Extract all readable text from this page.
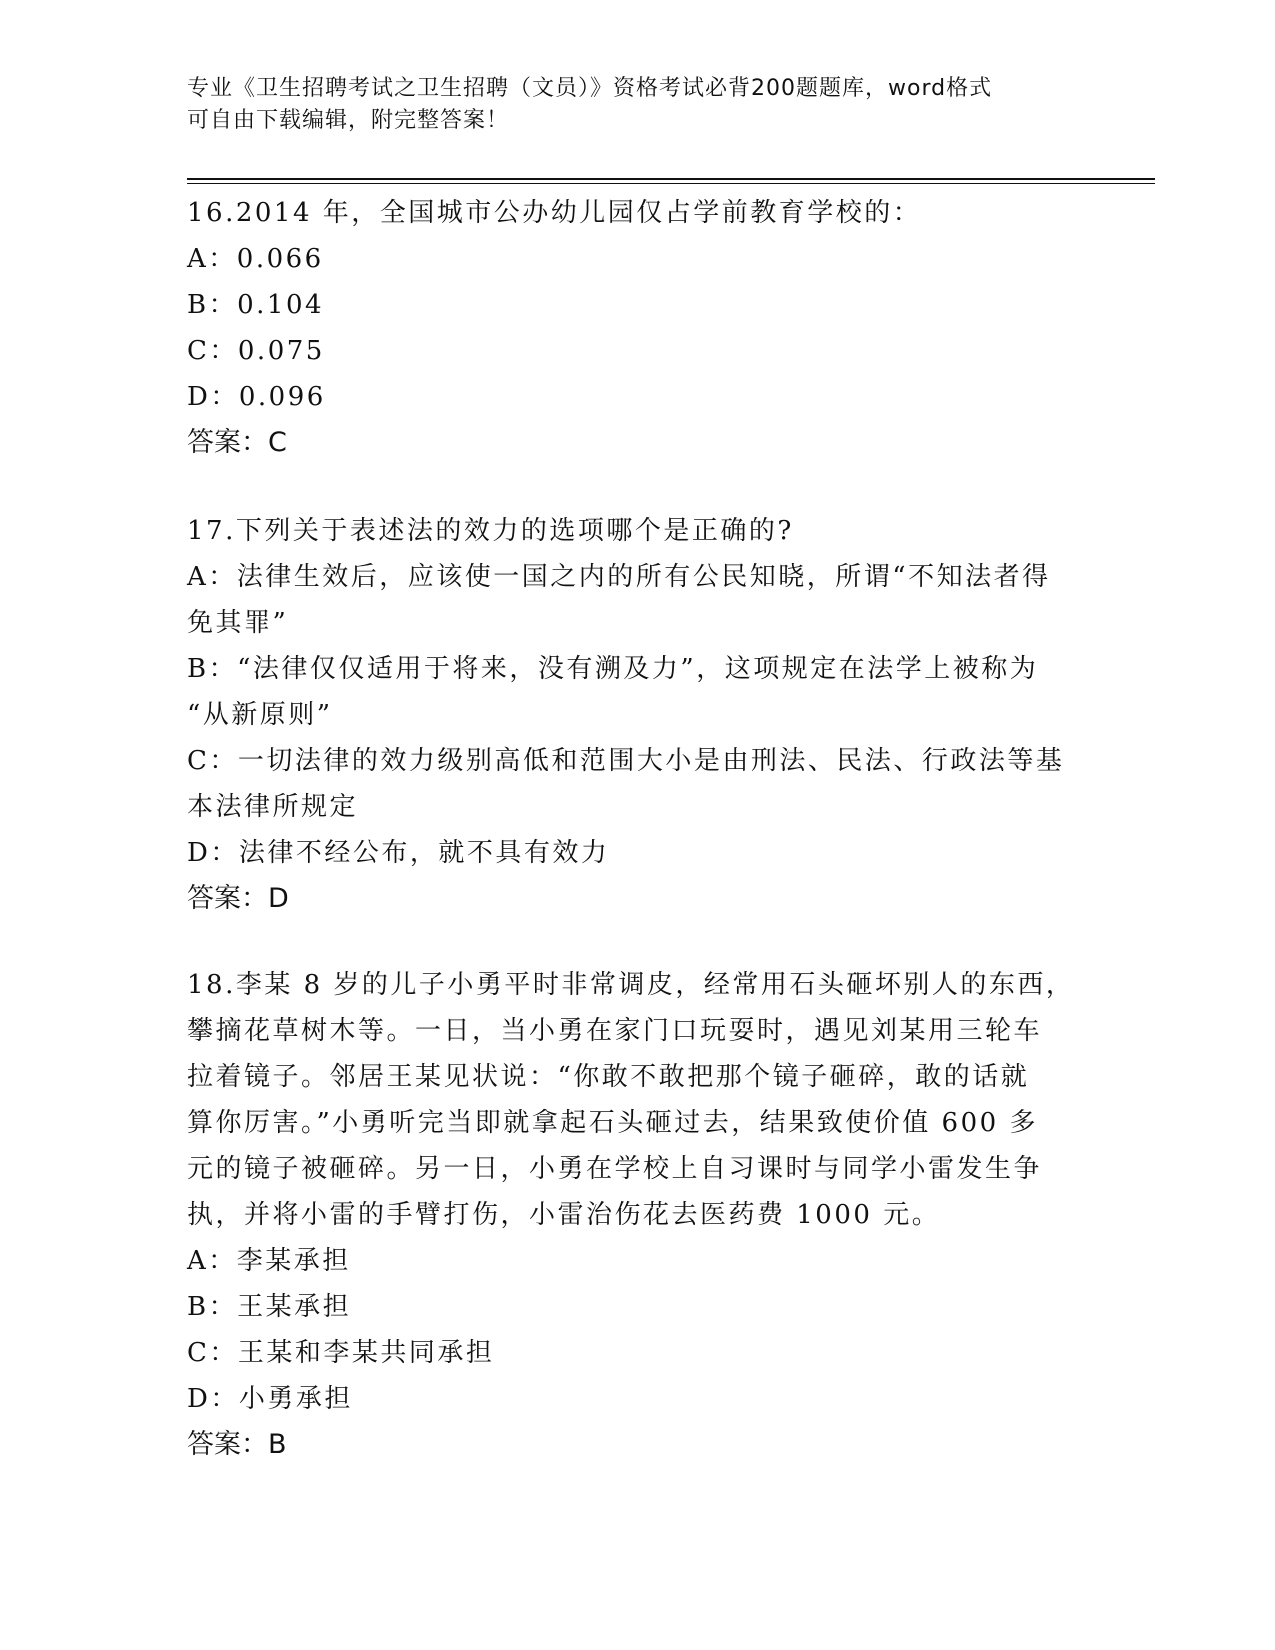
专业《卫生招聘考试之卫生招聘（文员）》资格考试必背200题题库，word格式

可自由下载编辑，附完整答案！

16.2014 年，全国城市公办幼儿园仅占学前教育学校的：

A：0.066

B：0.104

C：0.075

D：0.096

答案：C

17.下列关于表述法的效力的选项哪个是正确的?

A：法律生效后，应该使一国之内的所有公民知晓，所谓“不知法者得

免其罪”

B：“法律仅仅适用于将来，没有溯及力”，这项规定在法学上被称为

“从新原则”

C：一切法律的效力级别高低和范围大小是由刑法、民法、行政法等基

本法律所规定

D：法律不经公布，就不具有效力

答案：D

18.李某 8 岁的儿子小勇平时非常调皮，经常用石头砸坏别人的东西，

攀摘花草树木等。一日，当小勇在家门口玩耍时，遇见刘某用三轮车

拉着镜子。邻居王某见状说：“你敢不敢把那个镜子砸碎，敢的话就

算你厉害。”小勇听完当即就拿起石头砸过去，结果致使价值 600 多

元的镜子被砸碎。另一日，小勇在学校上自习课时与同学小雷发生争

执，并将小雷的手臂打伤，小雷治伤花去医药费 1000 元。

A：李某承担

B：王某承担

C：王某和李某共同承担

D：小勇承担

答案：B
